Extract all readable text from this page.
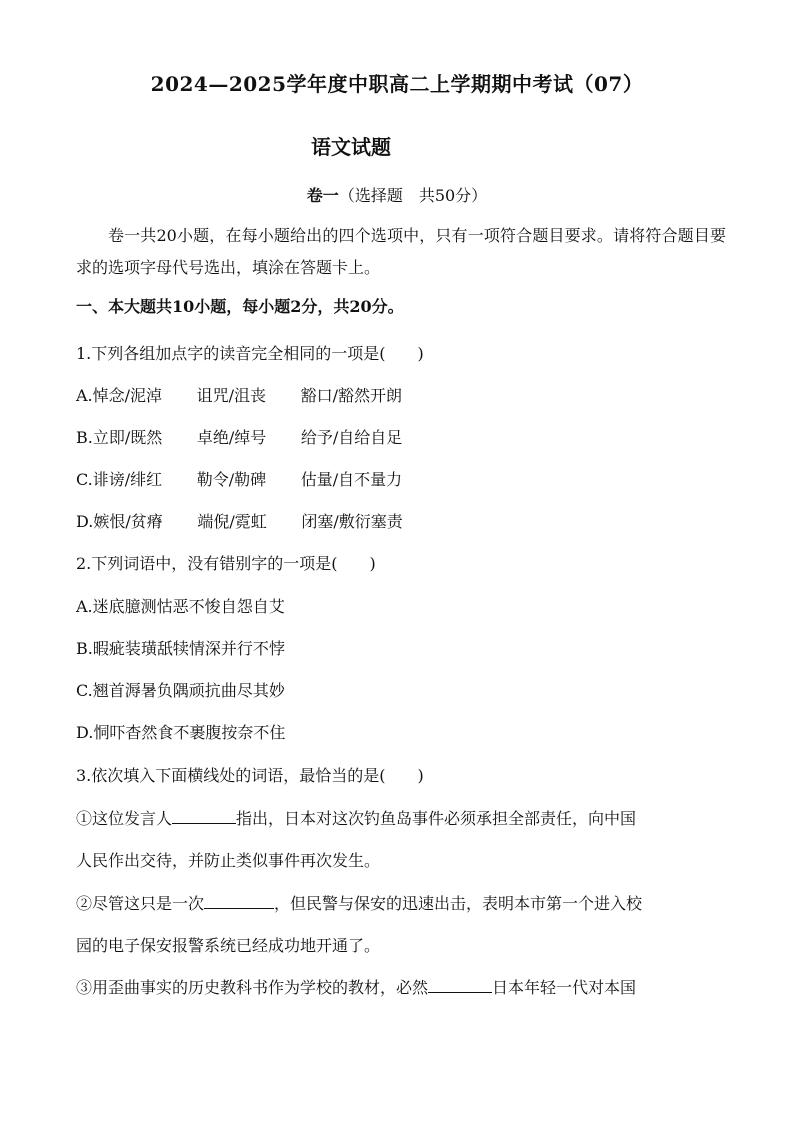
2024—2025学年度中职高二上学期期中考试（07）
语文试题
卷一（选择题　共50分）
卷一共20小题，在每小题给出的四个选项中，只有一项符合题目要求。请将符合题目要求的选项字母代号选出，填涂在答题卡上。
一、本大题共10小题，每小题2分，共20分。
1.下列各组加点字的读音完全相同的一项是(　　)
A.悼念/泥淖 诅咒/沮丧 豁口/豁然开朗
B.立即/既然 卓绝/绰号 给予/自给自足
C.诽谤/绯红 勒令/勒碑 估量/自不量力
D.嫉恨/贫瘠 端倪/霓虹 闭塞/敷衍塞责
2.下列词语中，没有错别字的一项是(　　)
A.迷底臆测怙恶不悛自怨自艾
B.暇疵装璜舐犊情深并行不悖
C.翘首溽暑负隅顽抗曲尽其妙
D.恫吓杳然食不裹腹按奈不住
3.依次填入下面横线处的词语，最恰当的是(　　)
①这位发言人	指出，日本对这次钓鱼岛事件必须承担全部责任，向中国
人民作出交待，并防止类似事件再次发生。
②尽管这只是一次	，但民警与保安的迅速出击，表明本市第一个进入校
园的电子保安报警系统已经成功地开通了。
③用歪曲事实的历史教科书作为学校的教材，必然	日本年轻一代对本国
